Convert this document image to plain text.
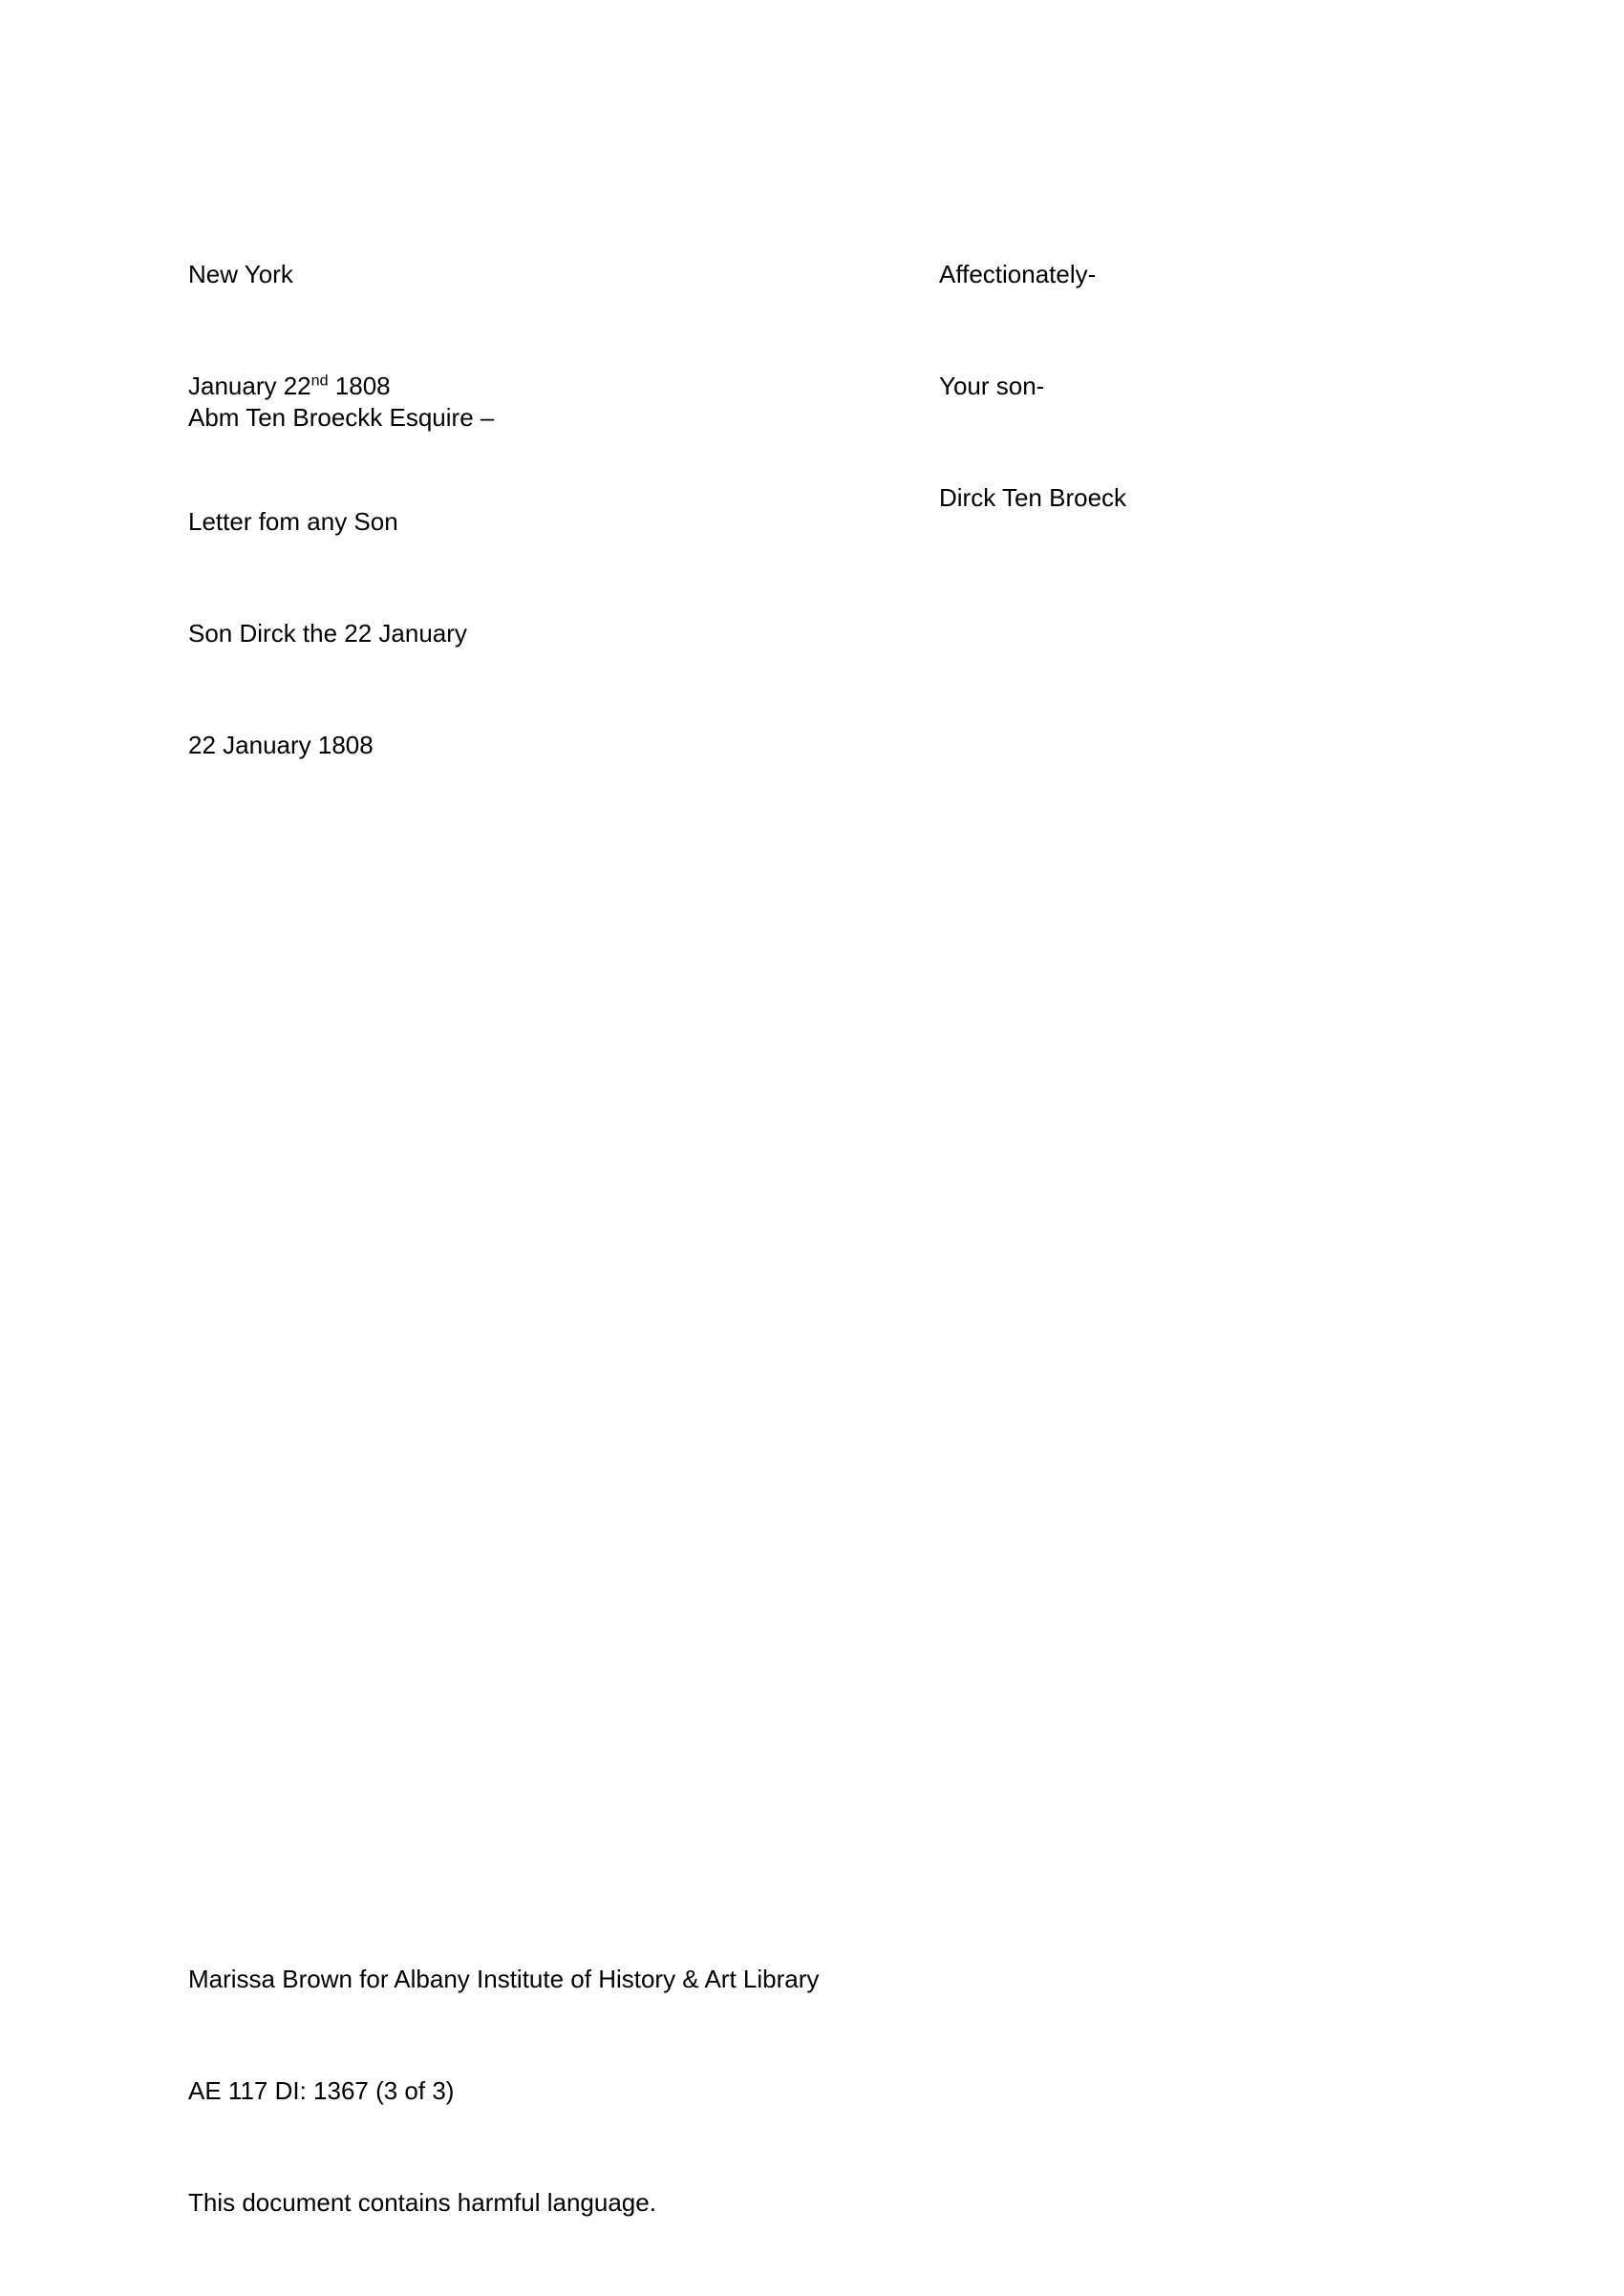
New York

January 22nd 1808

Affectionately-

Your son-

Dirck Ten Broeck

Abm Ten Broeckk Esquire –

Letter fom any Son

Son Dirck the 22 January

22 January 1808

Marissa Brown for Albany Institute of History & Art Library

AE 117 DI: 1367 (3 of 3)

This document contains harmful language.
